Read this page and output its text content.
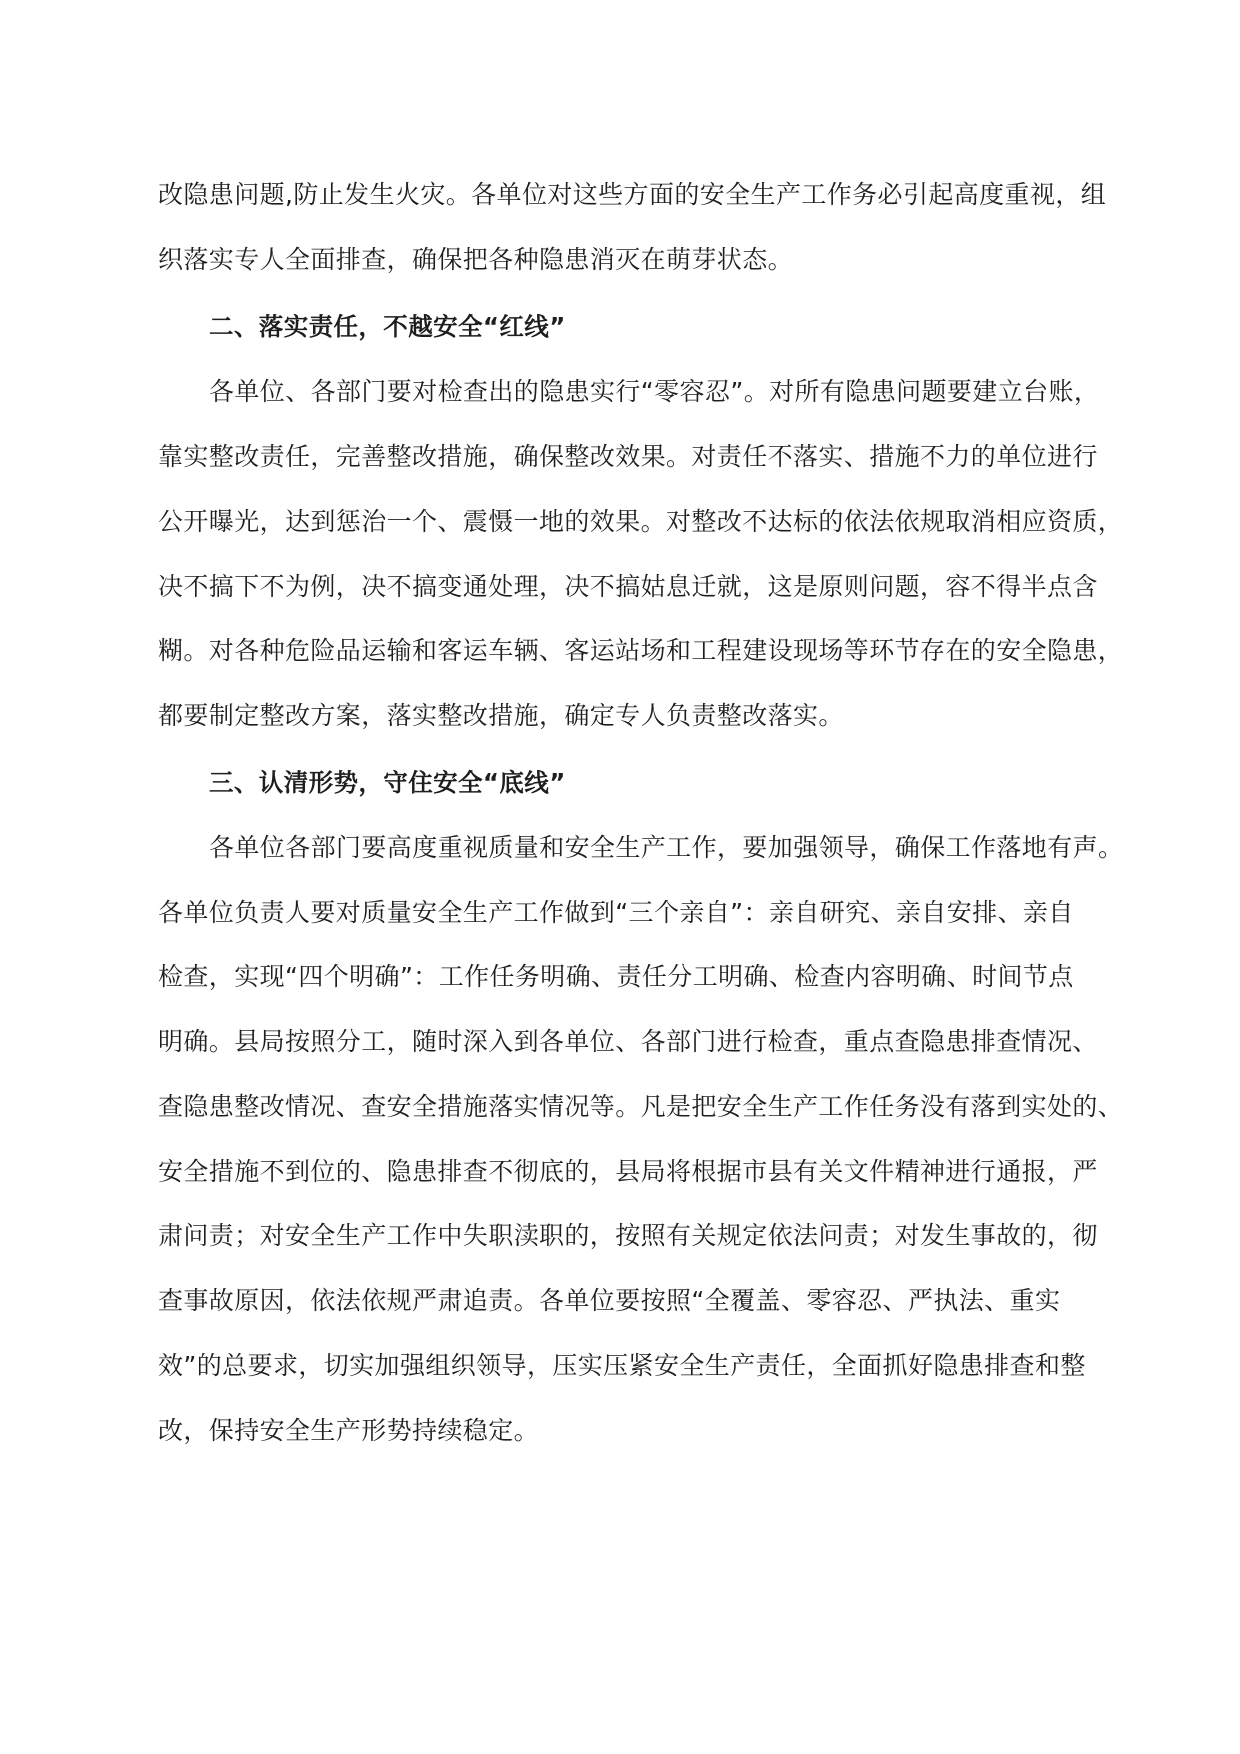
改隐患问题,防止发生火灾。各单位对这些方面的安全生产工作务必引起高度重视，组
织落实专人全面排查，确保把各种隐患消灭在萌芽状态。
二、落实责任，不越安全“红线”
各单位、各部门要对检查出的隐患实行“零容忍”。对所有隐患问题要建立台账，
靠实整改责任，完善整改措施，确保整改效果。对责任不落实、措施不力的单位进行
公开曝光，达到惩治一个、震慑一地的效果。对整改不达标的依法依规取消相应资质，
决不搞下不为例，决不搞变通处理，决不搞姑息迁就，这是原则问题，容不得半点含
糊。对各种危险品运输和客运车辆、客运站场和工程建设现场等环节存在的安全隐患，
都要制定整改方案，落实整改措施，确定专人负责整改落实。
三、认清形势，守住安全“底线”
各单位各部门要高度重视质量和安全生产工作，要加强领导，确保工作落地有声。
各单位负责人要对质量安全生产工作做到“三个亲自”：亲自研究、亲自安排、亲自
检查，实现“四个明确”：工作任务明确、责任分工明确、检查内容明确、时间节点
明确。县局按照分工，随时深入到各单位、各部门进行检查，重点查隐患排查情况、
查隐患整改情况、查安全措施落实情况等。凡是把安全生产工作任务没有落到实处的、
安全措施不到位的、隐患排查不彻底的，县局将根据市县有关文件精神进行通报，严
肃问责；对安全生产工作中失职渎职的，按照有关规定依法问责；对发生事故的，彻
查事故原因，依法依规严肃追责。各单位要按照“全覆盖、零容忍、严执法、重实
效”的总要求，切实加强组织领导，压实压紧安全生产责任，全面抓好隐患排查和整
改，保持安全生产形势持续稳定。
